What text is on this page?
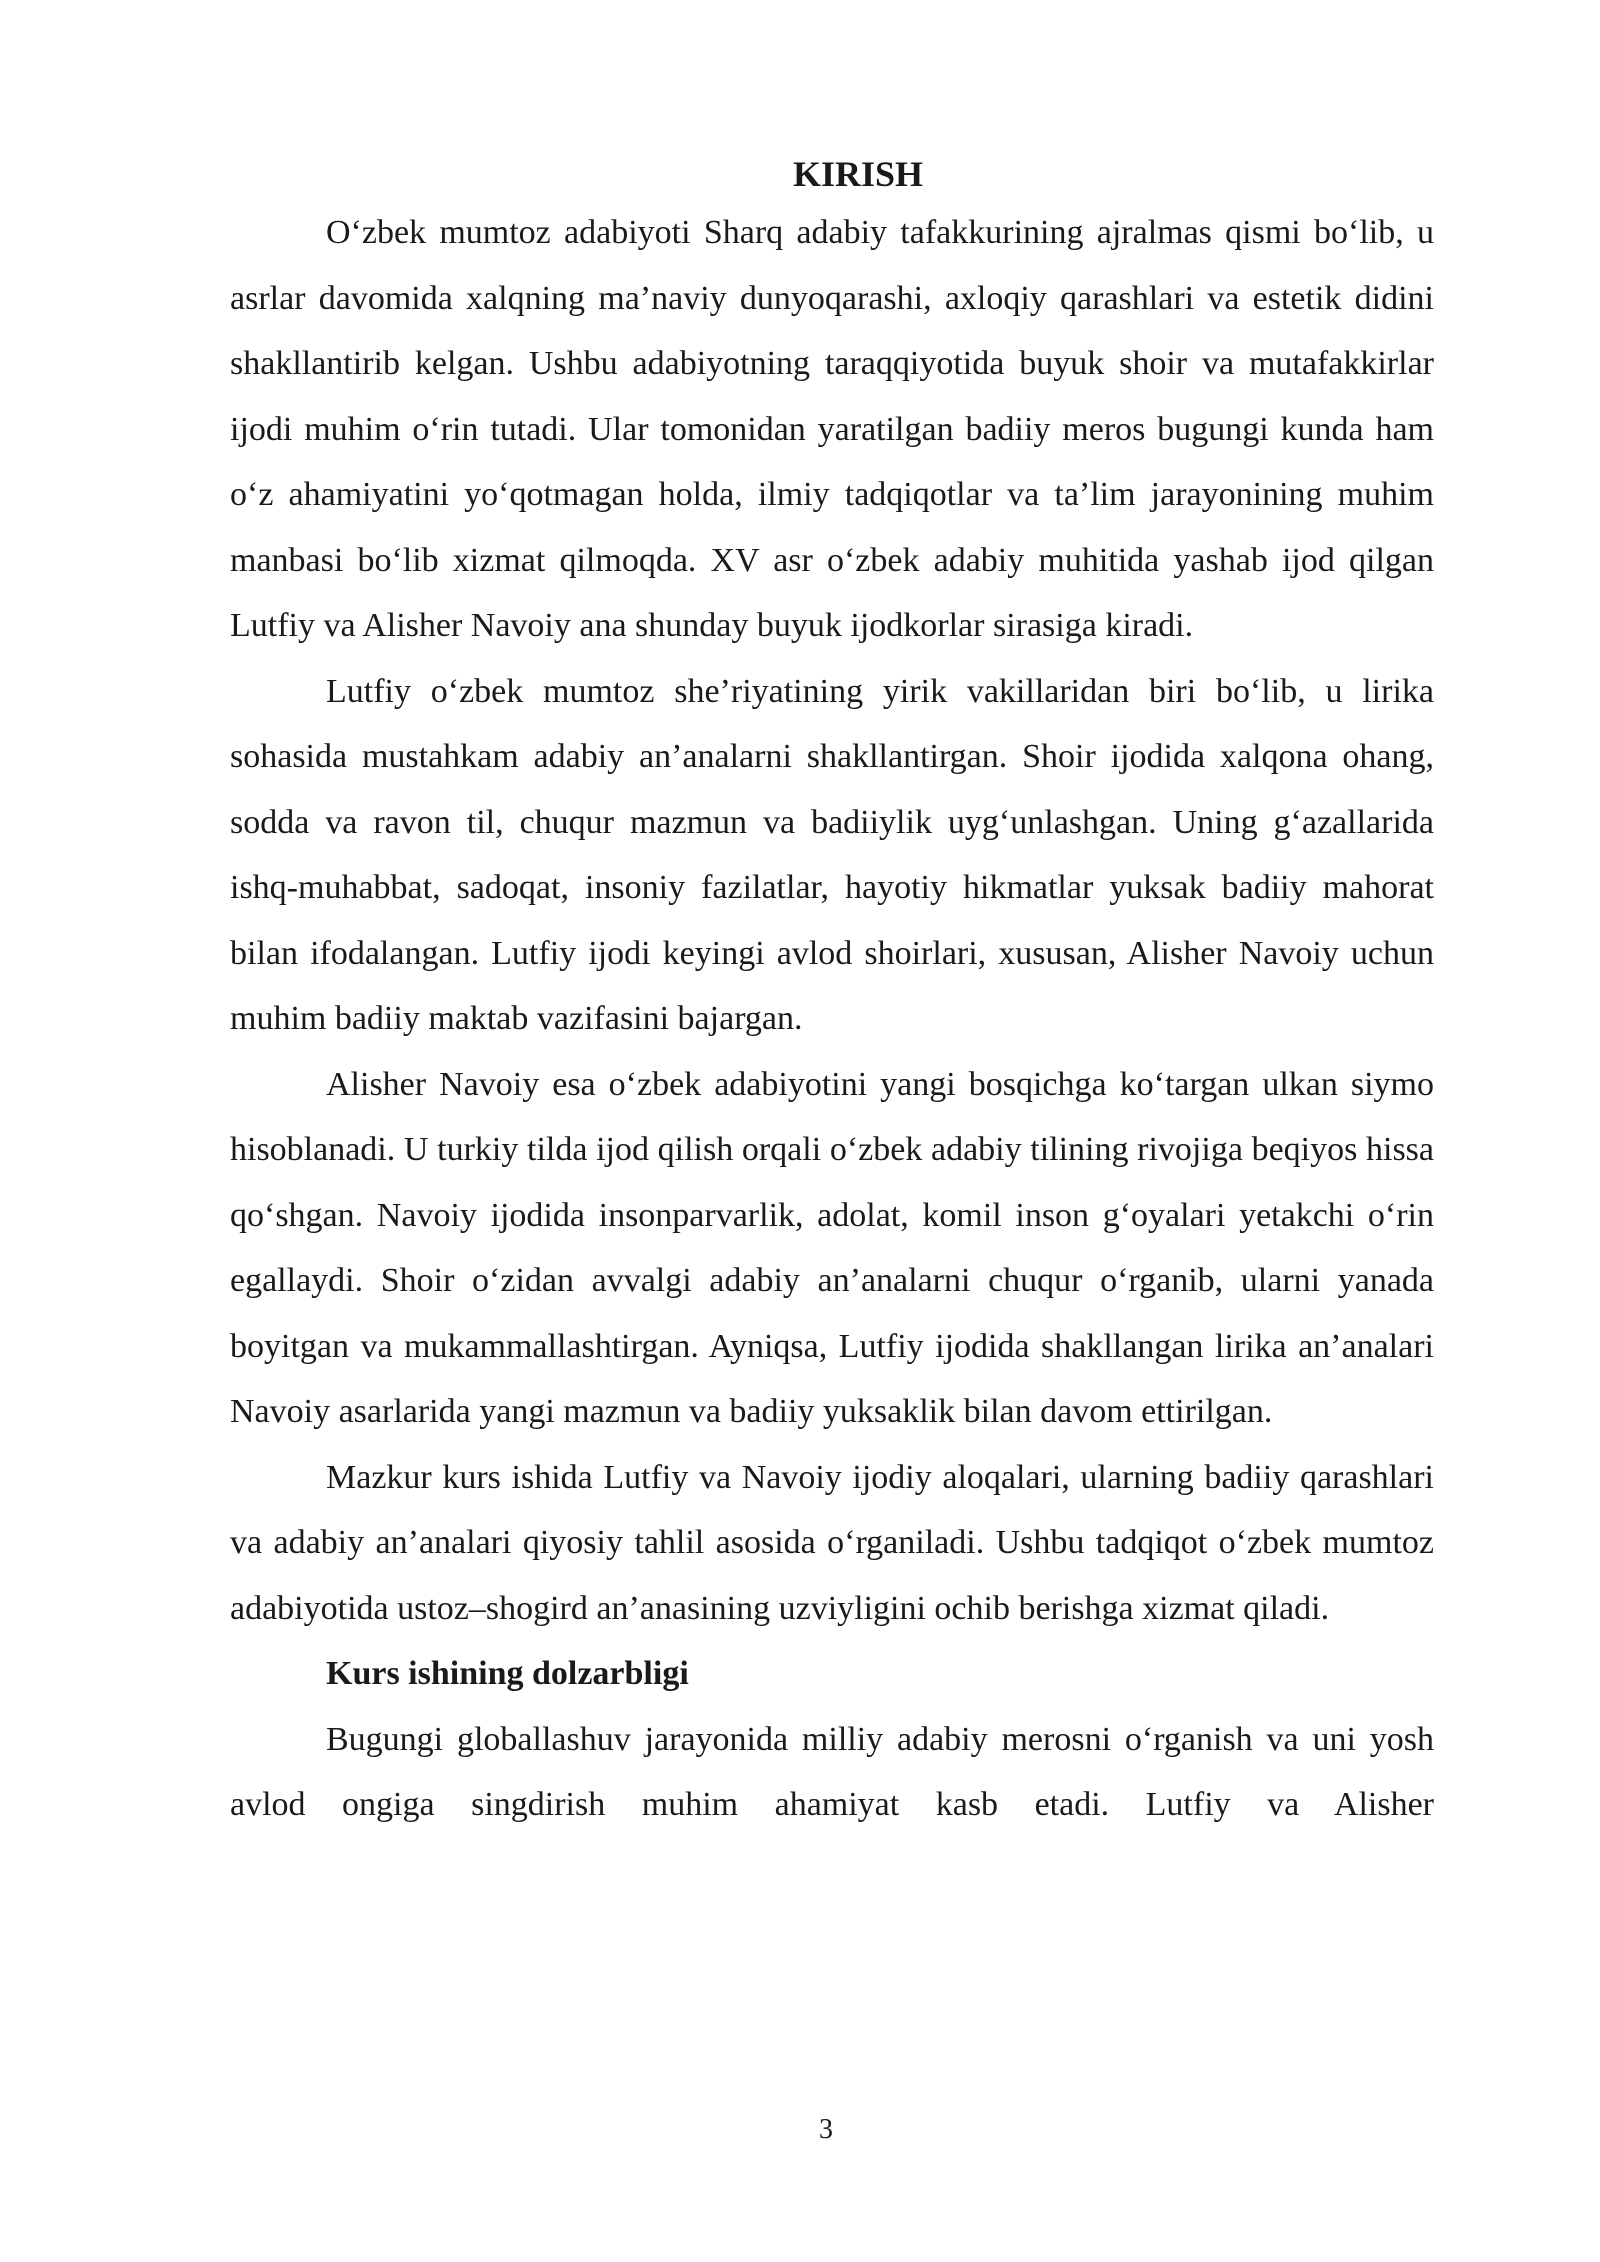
KIRISH

O‘zbek mumtoz adabiyoti Sharq adabiy tafakkurining ajralmas qismi bo‘lib, u asrlar davomida xalqning ma’naviy dunyoqarashi, axloqiy qarashlari va estetik didini shakllantirib kelgan. Ushbu adabiyotning taraqqiyotida buyuk shoir va mutafakkirlar ijodi muhim o‘rin tutadi. Ular tomonidan yaratilgan badiiy meros bugungi kunda ham o‘z ahamiyatini yo‘qotmagan holda, ilmiy tadqiqotlar va ta’lim jarayonining muhim manbasi bo‘lib xizmat qilmoqda. XV asr o‘zbek adabiy muhitida yashab ijod qilgan Lutfiy va Alisher Navoiy ana shunday buyuk ijodkorlar sirasiga kiradi.

Lutfiy o‘zbek mumtoz she’riyatining yirik vakillaridan biri bo‘lib, u lirika sohasida mustahkam adabiy an’analarni shakllantirgan. Shoir ijodida xalqona ohang, sodda va ravon til, chuqur mazmun va badiiylik uyg‘unlashgan. Uning g‘azallarida ishq-muhabbat, sadoqat, insoniy fazilatlar, hayotiy hikmatlar yuksak badiiy mahorat bilan ifodalangan. Lutfiy ijodi keyingi avlod shoirlari, xususan, Alisher Navoiy uchun muhim badiiy maktab vazifasini bajargan.

Alisher Navoiy esa o‘zbek adabiyotini yangi bosqichga ko‘targan ulkan siymo hisoblanadi. U turkiy tilda ijod qilish orqali o‘zbek adabiy tilining rivojiga beqiyos hissa qo‘shgan. Navoiy ijodida insonparvarlik, adolat, komil inson g‘oyalari yetakchi o‘rin egallaydi. Shoir o‘zidan avvalgi adabiy an’analarni chuqur o‘rganib, ularni yanada boyitgan va mukammallashtirgan. Ayniqsa, Lutfiy ijodida shakllangan lirika an’analari Navoiy asarlarida yangi mazmun va badiiy yuksaklik bilan davom ettirilgan.

Mazkur kurs ishida Lutfiy va Navoiy ijodiy aloqalari, ularning badiiy qarashlari va adabiy an’analari qiyosiy tahlil asosida o‘rganiladi. Ushbu tadqiqot o‘zbek mumtoz adabiyotida ustoz–shogird an’anasining uzviyligini ochib berishga xizmat qiladi.

Kurs ishining dolzarbligi

Bugungi globallashuv jarayonida milliy adabiy merosni o‘rganish va uni yosh avlod ongiga singdirish muhim ahamiyat kasb etadi. Lutfiy va Alisher

3
